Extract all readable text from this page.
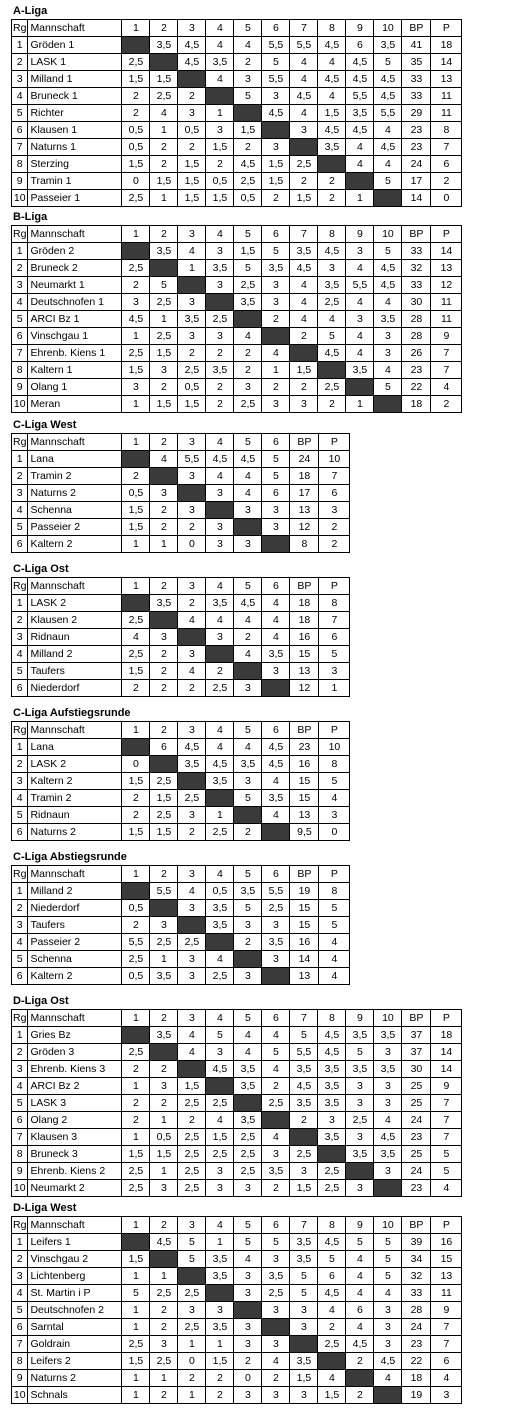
A-Liga
Rg	Mannschaft	1	2	3	4	5	6	7	8	9	10	BP	P
1	Gröden 1		3,5	4,5	4	4	5,5	5,5	4,5	6	3,5	41	18
2	LASK 1	2,5		4,5	3,5	2	5	4	4	4,5	5	35	14
3	Milland 1	1,5	1,5		4	3	5,5	4	4,5	4,5	4,5	33	13
4	Bruneck 1	2	2,5	2		5	3	4,5	4	5,5	4,5	33	11
5	Richter	2	4	3	1		4,5	4	1,5	3,5	5,5	29	11
6	Klausen 1	0,5	1	0,5	3	1,5		3	4,5	4,5	4	23	8
7	Naturns 1	0,5	2	2	1,5	2	3		3,5	4	4,5	23	7
8	Sterzing	1,5	2	1,5	2	4,5	1,5	2,5		4	4	24	6
9	Tramin 1	0	1,5	1,5	0,5	2,5	1,5	2	2		5	17	2
10	Passeier 1	2,5	1	1,5	1,5	0,5	2	1,5	2	1		14	0
B-Liga
Rg	Mannschaft	1	2	3	4	5	6	7	8	9	10	BP	P
1	Gröden 2		3,5	4	3	1,5	5	3,5	4,5	3	5	33	14
2	Bruneck 2	2,5		1	3,5	5	3,5	4,5	3	4	4,5	32	13
3	Neumarkt 1	2	5		3	2,5	3	4	3,5	5,5	4,5	33	12
4	Deutschnofen 1	3	2,5	3		3,5	3	4	2,5	4	4	30	11
5	ARCI Bz 1	4,5	1	3,5	2,5		2	4	4	3	3,5	28	11
6	Vinschgau 1	1	2,5	3	3	4		2	5	4	3	28	9
7	Ehrenb. Kiens 1	2,5	1,5	2	2	2	4		4,5	4	3	26	7
8	Kaltern 1	1,5	3	2,5	3,5	2	1	1,5		3,5	4	23	7
9	Olang 1	3	2	0,5	2	3	2	2	2,5		5	22	4
10	Meran	1	1,5	1,5	2	2,5	3	3	2	1		18	2
C-Liga West
Rg	Mannschaft	1	2	3	4	5	6	BP	P
1	Lana		4	5,5	4,5	4,5	5	24	10
2	Tramin 2	2		3	4	4	5	18	7
3	Naturns 2	0,5	3		3	4	6	17	6
4	Schenna	1,5	2	3		3	3	13	3
5	Passeier 2	1,5	2	2	3		3	12	2
6	Kaltern 2	1	1	0	3	3		8	2
C-Liga Ost
Rg	Mannschaft	1	2	3	4	5	6	BP	P
1	LASK 2		3,5	2	3,5	4,5	4	18	8
2	Klausen 2	2,5		4	4	4	4	18	7
3	Ridnaun	4	3		3	2	4	16	6
4	Milland 2	2,5	2	3		4	3,5	15	5
5	Taufers	1,5	2	4	2		3	13	3
6	Niederdorf	2	2	2	2,5	3		12	1
C-Liga Aufstiegsrunde
Rg	Mannschaft	1	2	3	4	5	6	BP	P
1	Lana		6	4,5	4	4	4,5	23	10
2	LASK 2	0		3,5	4,5	3,5	4,5	16	8
3	Kaltern 2	1,5	2,5		3,5	3	4	15	5
4	Tramin 2	2	1,5	2,5		5	3,5	15	4
5	Ridnaun	2	2,5	3	1		4	13	3
6	Naturns 2	1,5	1,5	2	2,5	2		9,5	0
C-Liga Abstiegsrunde
Rg	Mannschaft	1	2	3	4	5	6	BP	P
1	Milland 2		5,5	4	0,5	3,5	5,5	19	8
2	Niederdorf	0,5		3	3,5	5	2,5	15	5
3	Taufers	2	3		3,5	3	3	15	5
4	Passeier 2	5,5	2,5	2,5		2	3,5	16	4
5	Schenna	2,5	1	3	4		3	14	4
6	Kaltern 2	0,5	3,5	3	2,5	3		13	4
D-Liga Ost
Rg	Mannschaft	1	2	3	4	5	6	7	8	9	10	BP	P
1	Gries Bz		3,5	4	5	4	4	5	4,5	3,5	3,5	37	18
2	Gröden 3	2,5		4	3	4	5	5,5	4,5	5	3	37	14
3	Ehrenb. Kiens 3	2	2		4,5	3,5	4	3,5	3,5	3,5	3,5	30	14
4	ARCI Bz 2	1	3	1,5		3,5	2	4,5	3,5	3	3	25	9
5	LASK 3	2	2	2,5	2,5		2,5	3,5	3,5	3	3	25	7
6	Olang 2	2	1	2	4	3,5		2	3	2,5	4	24	7
7	Klausen 3	1	0,5	2,5	1,5	2,5	4		3,5	3	4,5	23	7
8	Bruneck 3	1,5	1,5	2,5	2,5	2,5	3	2,5		3,5	3,5	25	5
9	Ehrenb. Kiens 2	2,5	1	2,5	3	2,5	3,5	3	2,5		3	24	5
10	Neumarkt 2	2,5	3	2,5	3	3	2	1,5	2,5	3		23	4
D-Liga West
Rg	Mannschaft	1	2	3	4	5	6	7	8	9	10	BP	P
1	Leifers 1		4,5	5	1	5	5	3,5	4,5	5	5	39	16
2	Vinschgau 2	1,5		5	3,5	4	3	3,5	5	4	5	34	15
3	Lichtenberg	1	1		3,5	3	3,5	5	6	4	5	32	13
4	St. Martin i P	5	2,5	2,5		3	2,5	5	4,5	4	4	33	11
5	Deutschnofen 2	1	2	3	3		3	3	4	6	3	28	9
6	Sarntal	1	2	2,5	3,5	3		3	2	4	3	24	7
7	Goldrain	2,5	3	1	1	3	3		2,5	4,5	3	23	7
8	Leifers 2	1,5	2,5	0	1,5	2	4	3,5		2	4,5	22	6
9	Naturns 2	1	1	2	2	0	2	1,5	4		4	18	4
10	Schnals	1	2	1	2	3	3	3	1,5	2		19	3
